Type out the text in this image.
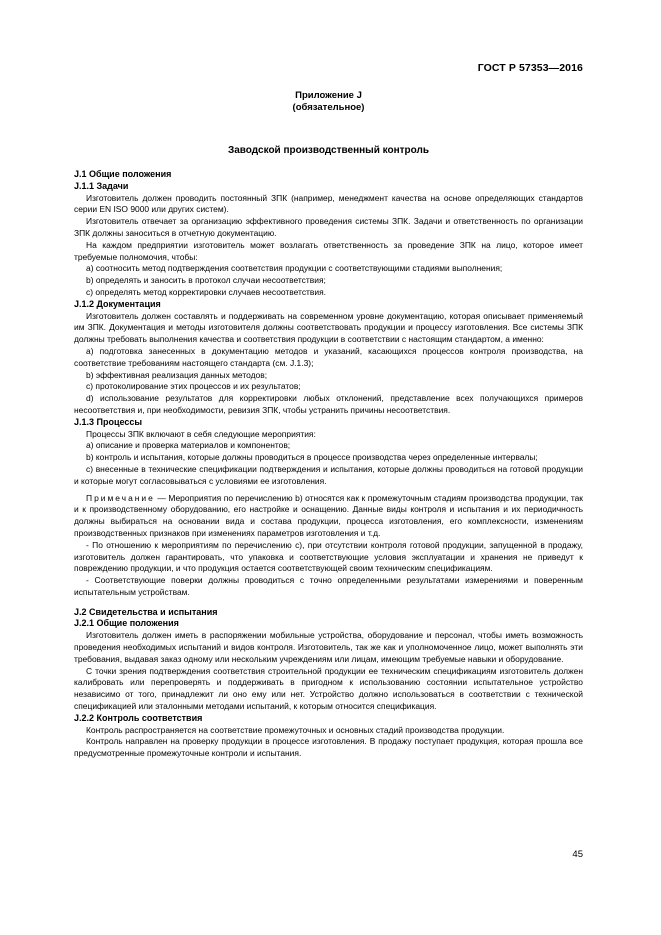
ГОСТ Р 57353—2016
Приложение J
(обязательное)
Заводской производственный контроль
J.1 Общие положения
J.1.1 Задачи
Изготовитель должен проводить постоянный ЗПК (например, менеджмент качества на основе определяющих стандартов серии EN ISO 9000 или других систем).
Изготовитель отвечает за организацию эффективного проведения системы ЗПК. Задачи и ответственность по организации ЗПК должны заноситься в отчетную документацию.
На каждом предприятии изготовитель может возлагать ответственность за проведение ЗПК на лицо, которое имеет требуемые полномочия, чтобы:
a) соотносить метод подтверждения соответствия продукции с соответствующими стадиями выполнения;
b) определять и заносить в протокол случаи несоответствия;
c) определять метод корректировки случаев несоответствия.
J.1.2 Документация
Изготовитель должен составлять и поддерживать на современном уровне документацию, которая описывает применяемый им ЗПК. Документация и методы изготовителя должны соответствовать продукции и процессу изготовления. Все системы ЗПК должны требовать выполнения качества и соответствия продукции в соответствии с настоящим стандартом, а именно:
a) подготовка занесенных в документацию методов и указаний, касающихся процессов контроля производства, на соответствие требованиям настоящего стандарта (см. J.1.3);
b) эффективная реализация данных методов;
c) протоколирование этих процессов и их результатов;
d) использование результатов для корректировки любых отклонений, представление всех получающихся примеров несоответствия и, при необходимости, ревизия ЗПК, чтобы устранить причины несоответствия.
J.1.3 Процессы
Процессы ЗПК включают в себя следующие мероприятия:
a) описание и проверка материалов и компонентов;
b) контроль и испытания, которые должны проводиться в процессе производства через определенные интервалы;
c) внесенные в технические спецификации подтверждения и испытания, которые должны проводиться на готовой продукции и которые могут согласовываться с условиями ее изготовления.
Примечание — Мероприятия по перечислению b) относятся как к промежуточным стадиям производства продукции, так и к производственному оборудованию, его настройке и оснащению. Данные виды контроля и испытания и их периодичность должны выбираться на основании вида и состава продукции, процесса изготовления, его комплексности, изменениям производственных признаков при изменениях параметров изготовления и т.д.
- По отношению к мероприятиям по перечислению c), при отсутствии контроля готовой продукции, запущенной в продажу, изготовитель должен гарантировать, что упаковка и соответствующие условия эксплуатации и хранения не приведут к повреждению продукции, и что продукция остается соответствующей своим техническим спецификациям.
- Соответствующие поверки должны проводиться с точно определенными результатами измерениями и поверенным испытательным устройствам.
J.2 Свидетельства и испытания
J.2.1 Общие положения
Изготовитель должен иметь в распоряжении мобильные устройства, оборудование и персонал, чтобы иметь возможность проведения необходимых испытаний и видов контроля. Изготовитель, так же как и уполномоченное лицо, может выполнять эти требования, выдавая заказ одному или нескольким учреждениям или лицам, имеющим требуемые навыки и оборудование.
С точки зрения подтверждения соответствия строительной продукции ее техническим спецификациям изготовитель должен калибровать или перепроверять и поддерживать в пригодном к использованию состоянии испытательное устройство независимо от того, принадлежит ли оно ему или нет. Устройство должно использоваться в соответствии с технической спецификацией или эталонными методами испытаний, к которым относится спецификация.
J.2.2 Контроль соответствия
Контроль распространяется на соответствие промежуточных и основных стадий производства продукции.
Контроль направлен на проверку продукции в процессе изготовления. В продажу поступает продукция, которая прошла все предусмотренные промежуточные контроли и испытания.
45
